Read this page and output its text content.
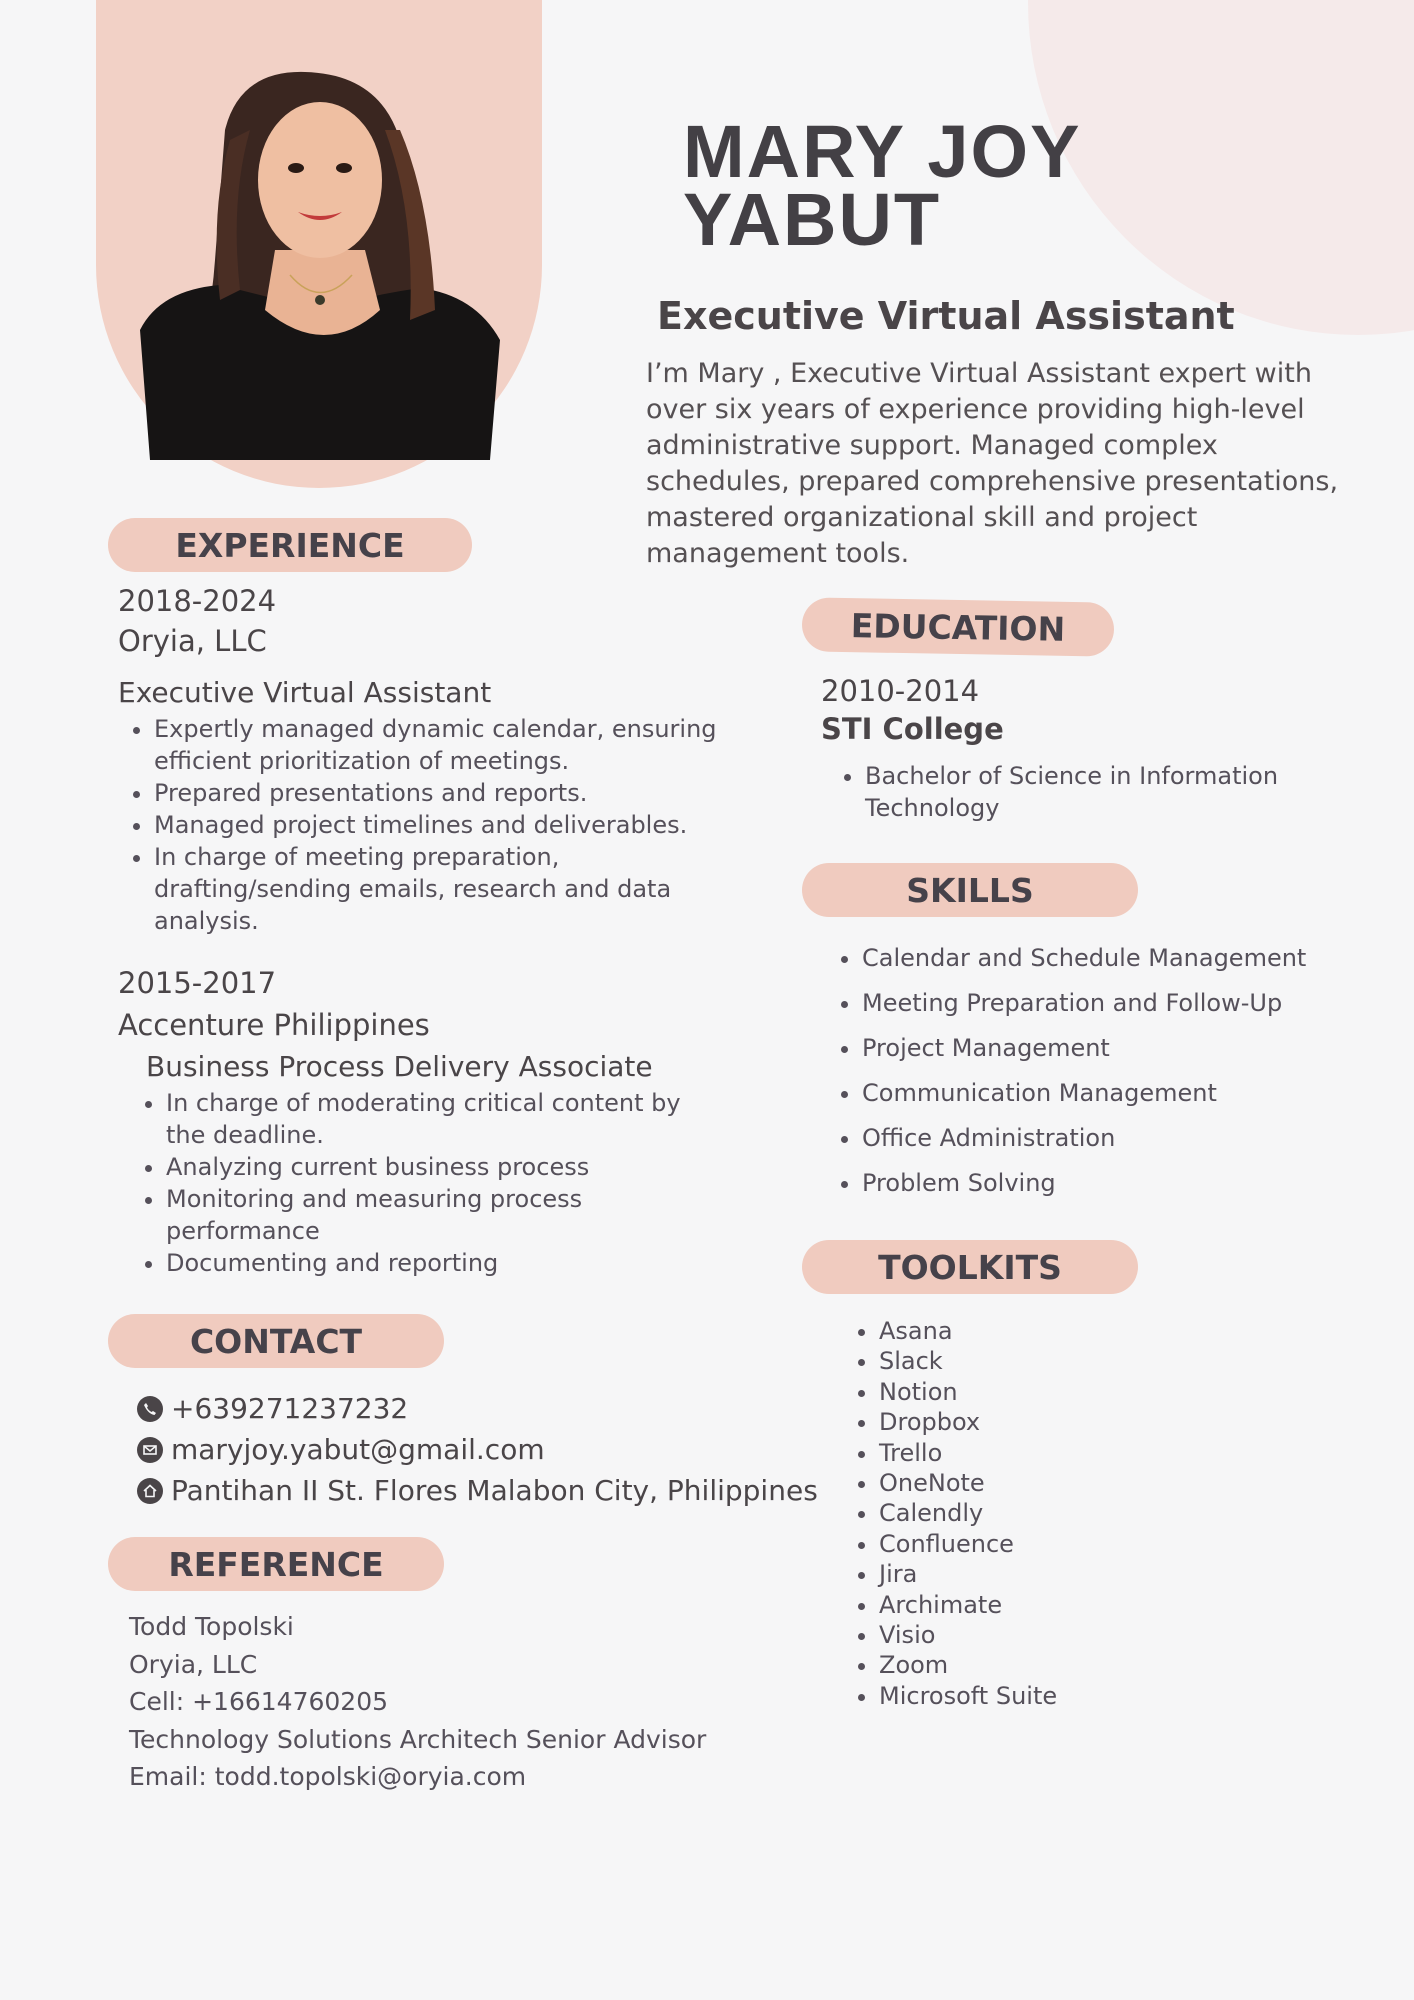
MARY JOY
YABUT
Executive Virtual Assistant

I’m Mary , Executive Virtual Assistant expert with over six years of experience providing high-level administrative support. Managed complex schedules, prepared comprehensive presentations, mastered organizational skill and project management tools.

EXPERIENCE

2018-2024

Oryia, LLC

Executive Virtual Assistant

• Expertly managed dynamic calendar, ensuring efficient prioritization of meetings.
• Prepared presentations and reports.
• Managed project timelines and deliverables.
• In charge of meeting preparation, drafting/sending emails, research and data analysis.

2015-2017

Accenture Philippines

Business Process Delivery Associate

• In charge of moderating critical content by the deadline.
• Analyzing current business process
• Monitoring and measuring process performance
• Documenting and reporting
CONTACT
+639271237232
maryjoy.yabut@gmail.com
Pantihan II St. Flores Malabon City, Philippines
REFERENCE

Todd Topolski

Oryia, LLC

Cell: +16614760205

Technology Solutions Architech Senior Advisor

Email: todd.topolski@oryia.com

EDUCATION

2010-2014

STI College

• Bachelor of Science in Information Technology
SKILLS
• Calendar and Schedule Management
• Meeting Preparation and Follow-Up
• Project Management
• Communication Management
• Office Administration
• Problem Solving
TOOLKITS
• Asana
• Slack
• Notion
• Dropbox
• Trello
• OneNote
• Calendly
• Confluence
• Jira
• Archimate
• Visio
• Zoom
• Microsoft Suite
